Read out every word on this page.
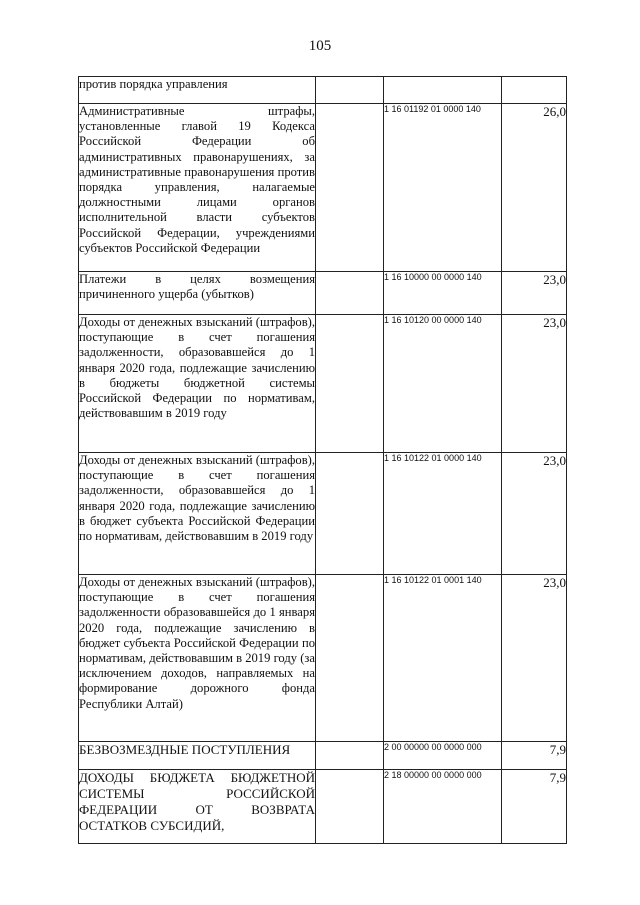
105
против порядка управления			
Административные штрафы, установленные главой 19 Кодекса Российской Федерации об административных правонарушениях, за административные правонарушения против порядка управления, налагаемые должностными лицами органов исполнительной власти субъектов Российской Федерации, учреждениями субъектов Российской Федерации		1 16 01192 01 0000 140	26,0
Платежи в целях возмещения причиненного ущерба (убытков)		1 16 10000 00 0000 140	23,0
Доходы от денежных взысканий (штрафов), поступающие в счет погашения задолженности, образовавшейся до 1 января 2020 года, подлежащие зачислению в бюджеты бюджетной системы Российской Федерации по нормативам, действовавшим в 2019 году		1 16 10120 00 0000 140	23,0
Доходы от денежных взысканий (штрафов), поступающие в счет погашения задолженности, образовавшейся до 1 января 2020 года, подлежащие зачислению в бюджет субъекта Российской Федерации по нормативам, действовавшим в 2019 году		1 16 10122 01 0000 140	23,0
Доходы от денежных взысканий (штрафов), поступающие в счет погашения задолженности образовавшейся до 1 января 2020 года, подлежащие зачислению в бюджет субъекта Российской Федерации по нормативам, действовавшим в 2019 году (за исключением доходов, направляемых на формирование дорожного фонда Республики Алтай)		1 16 10122 01 0001 140	23,0
БЕЗВОЗМЕЗДНЫЕ ПОСТУПЛЕНИЯ		2 00 00000 00 0000 000	7,9
ДОХОДЫ БЮДЖЕТА БЮДЖЕТНОЙ СИСТЕМЫ РОССИЙСКОЙ ФЕДЕРАЦИИ ОТ ВОЗВРАТА ОСТАТКОВ СУБСИДИЙ,		2 18 00000 00 0000 000	7,9
